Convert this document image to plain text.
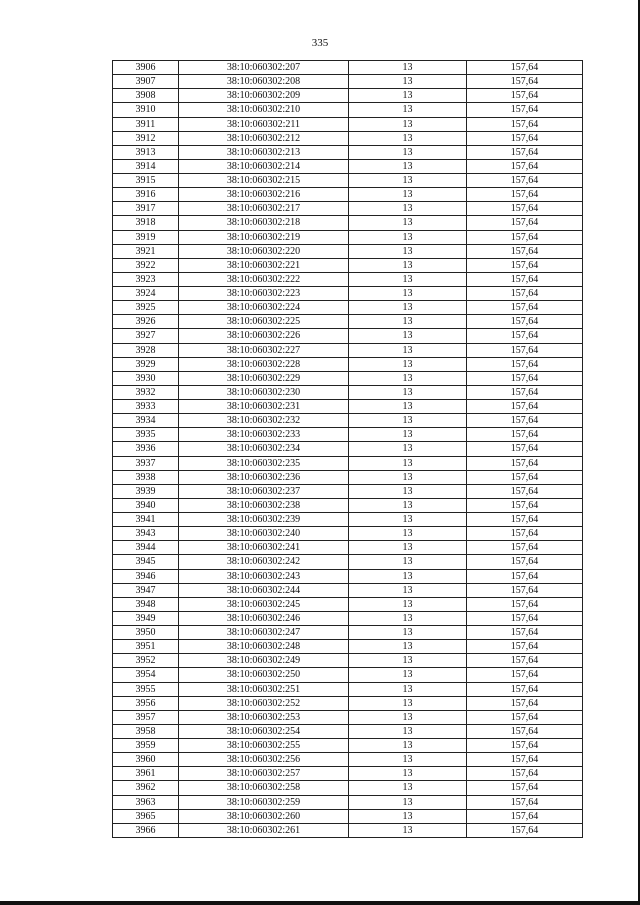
335
3906	38:10:060302:207	13	157,64
3907	38:10:060302:208	13	157,64
3908	38:10:060302:209	13	157,64
3910	38:10:060302:210	13	157,64
3911	38:10:060302:211	13	157,64
3912	38:10:060302:212	13	157,64
3913	38:10:060302:213	13	157,64
3914	38:10:060302:214	13	157,64
3915	38:10:060302:215	13	157,64
3916	38:10:060302:216	13	157,64
3917	38:10:060302:217	13	157,64
3918	38:10:060302:218	13	157,64
3919	38:10:060302:219	13	157,64
3921	38:10:060302:220	13	157,64
3922	38:10:060302:221	13	157,64
3923	38:10:060302:222	13	157,64
3924	38:10:060302:223	13	157,64
3925	38:10:060302:224	13	157,64
3926	38:10:060302:225	13	157,64
3927	38:10:060302:226	13	157,64
3928	38:10:060302:227	13	157,64
3929	38:10:060302:228	13	157,64
3930	38:10:060302:229	13	157,64
3932	38:10:060302:230	13	157,64
3933	38:10:060302:231	13	157,64
3934	38:10:060302:232	13	157,64
3935	38:10:060302:233	13	157,64
3936	38:10:060302:234	13	157,64
3937	38:10:060302:235	13	157,64
3938	38:10:060302:236	13	157,64
3939	38:10:060302:237	13	157,64
3940	38:10:060302:238	13	157,64
3941	38:10:060302:239	13	157,64
3943	38:10:060302:240	13	157,64
3944	38:10:060302:241	13	157,64
3945	38:10:060302:242	13	157,64
3946	38:10:060302:243	13	157,64
3947	38:10:060302:244	13	157,64
3948	38:10:060302:245	13	157,64
3949	38:10:060302:246	13	157,64
3950	38:10:060302:247	13	157,64
3951	38:10:060302:248	13	157,64
3952	38:10:060302:249	13	157,64
3954	38:10:060302:250	13	157,64
3955	38:10:060302:251	13	157,64
3956	38:10:060302:252	13	157,64
3957	38:10:060302:253	13	157,64
3958	38:10:060302:254	13	157,64
3959	38:10:060302:255	13	157,64
3960	38:10:060302:256	13	157,64
3961	38:10:060302:257	13	157,64
3962	38:10:060302:258	13	157,64
3963	38:10:060302:259	13	157,64
3965	38:10:060302:260	13	157,64
3966	38:10:060302:261	13	157,64
